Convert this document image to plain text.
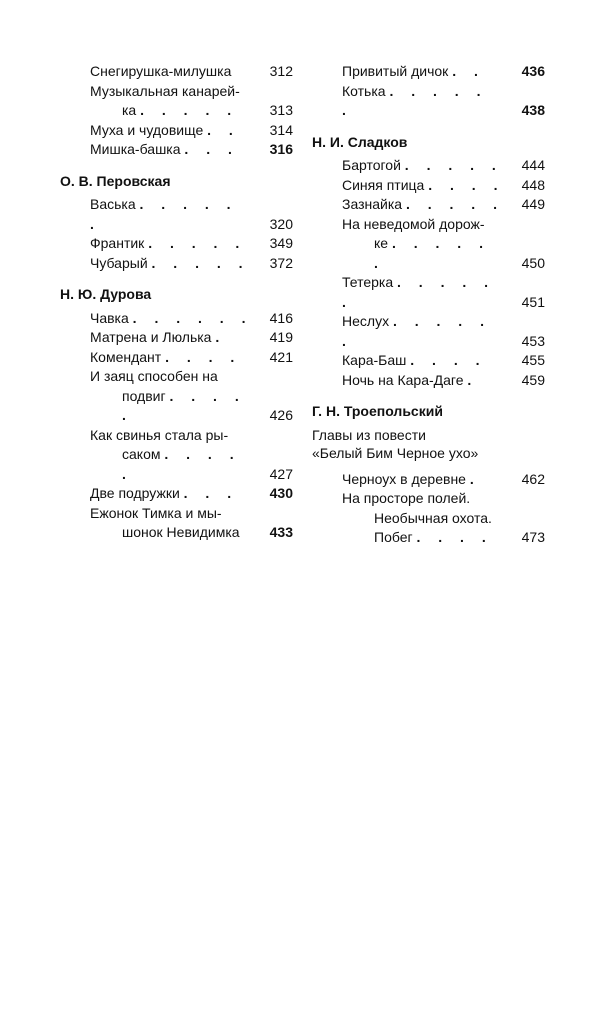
Снегирушка-милушка	312
Музыкальная канарей-
ка . . . . .	313
Муха и чудовище . .	314
Мишка-башка . . .	316
О. В. Перовская
Васька . . . . . .	320
Франтик . . . . .	349
Чубарый . . . . .	372
Н. Ю. Дурова
Чавка . . . . . .	416
Матрена и Люлька .	419
Комендант . . . .	421
И заяц способен на
подвиг . . . . .	426
Как свинья стала ры-
саком . . . . .	427
Две подружки . . .	430
Ежонок Тимка и мы-
шонок Невидимка	433
Привитый дичок . .	436
Котька . . . . . .	438
Н. И. Сладков
Бартогой . . . . .	444
Синяя птица . . . .	448
Зазнайка . . . . .	449
На неведомой дорож-
ке . . . . . .	450
Тетерка . . . . . .	451
Неслух . . . . . .	453
Кара-Баш . . . .	455
Ночь на Кара-Даге .	459
Г. Н. Троепольский
Главы из повести
«Белый Бим Черное ухо»
Черноух в деревне .	462
На просторе полей.
Необычная охота.
Побег . . . .	473
